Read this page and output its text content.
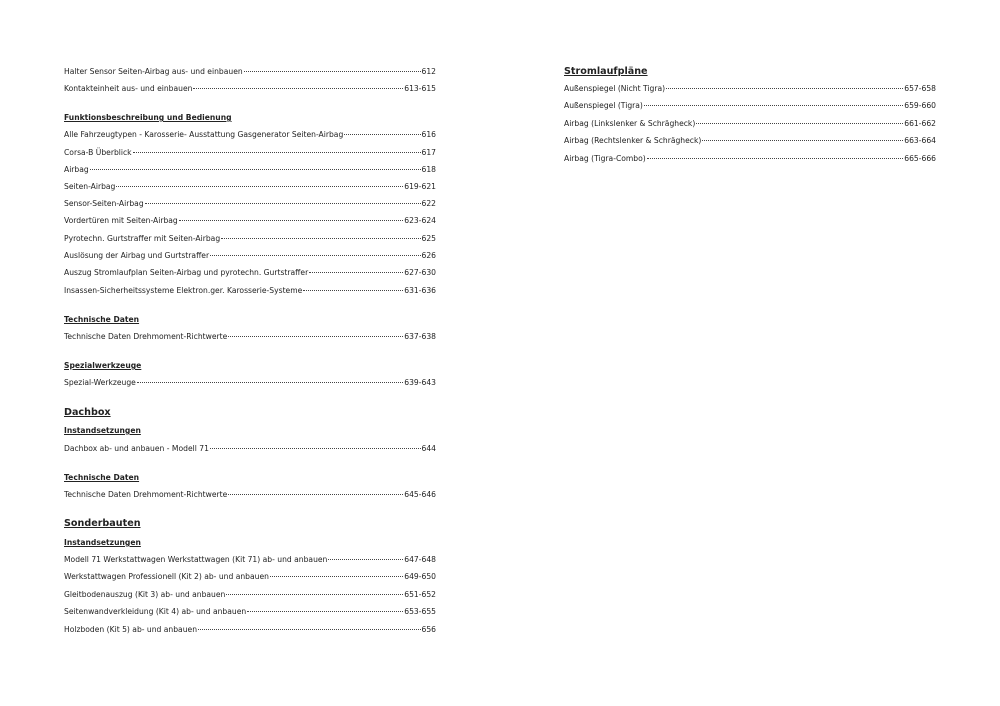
Halter Sensor Seiten-Airbag aus- und einbauen	612
Kontakteinheit aus- und einbauen	613-615
Funktionsbeschreibung und Bedienung
Alle Fahrzeugtypen - Karosserie- Ausstattung Gasgenerator Seiten-Airbag	616
Corsa-B Überblick	617
Airbag	618
Seiten-Airbag	619-621
Sensor-Seiten-Airbag	622
Vordertüren mit Seiten-Airbag	623-624
Pyrotechn. Gurtstraffer mit Seiten-Airbag	625
Auslösung der Airbag und Gurtstraffer	626
Auszug Stromlaufplan Seiten-Airbag und pyrotechn. Gurtstraffer	627-630
Insassen-Sicherheitssysteme Elektron.ger. Karosserie-Systeme	631-636
Technische Daten
Technische Daten Drehmoment-Richtwerte	637-638
Spezialwerkzeuge
Spezial-Werkzeuge	639-643
Dachbox
Instandsetzungen
Dachbox ab- und anbauen - Modell 71	644
Technische Daten
Technische Daten Drehmoment-Richtwerte	645-646
Sonderbauten
Instandsetzungen
Modell 71 Werkstattwagen Werkstattwagen (Kit 71) ab- und anbauen	647-648
Werkstattwagen Professionell (Kit 2) ab- und anbauen	649-650
Gleitbodenauszug (Kit 3) ab- und anbauen	651-652
Seitenwandverkleidung (Kit 4) ab- und anbauen	653-655
Holzboden (Kit 5) ab- und anbauen	656
Stromlaufpläne
Außenspiegel (Nicht Tigra)	657-658
Außenspiegel (Tigra)	659-660
Airbag (Linkslenker & Schrägheck)	661-662
Airbag (Rechtslenker & Schrägheck)	663-664
Airbag (Tigra-Combo)	665-666
